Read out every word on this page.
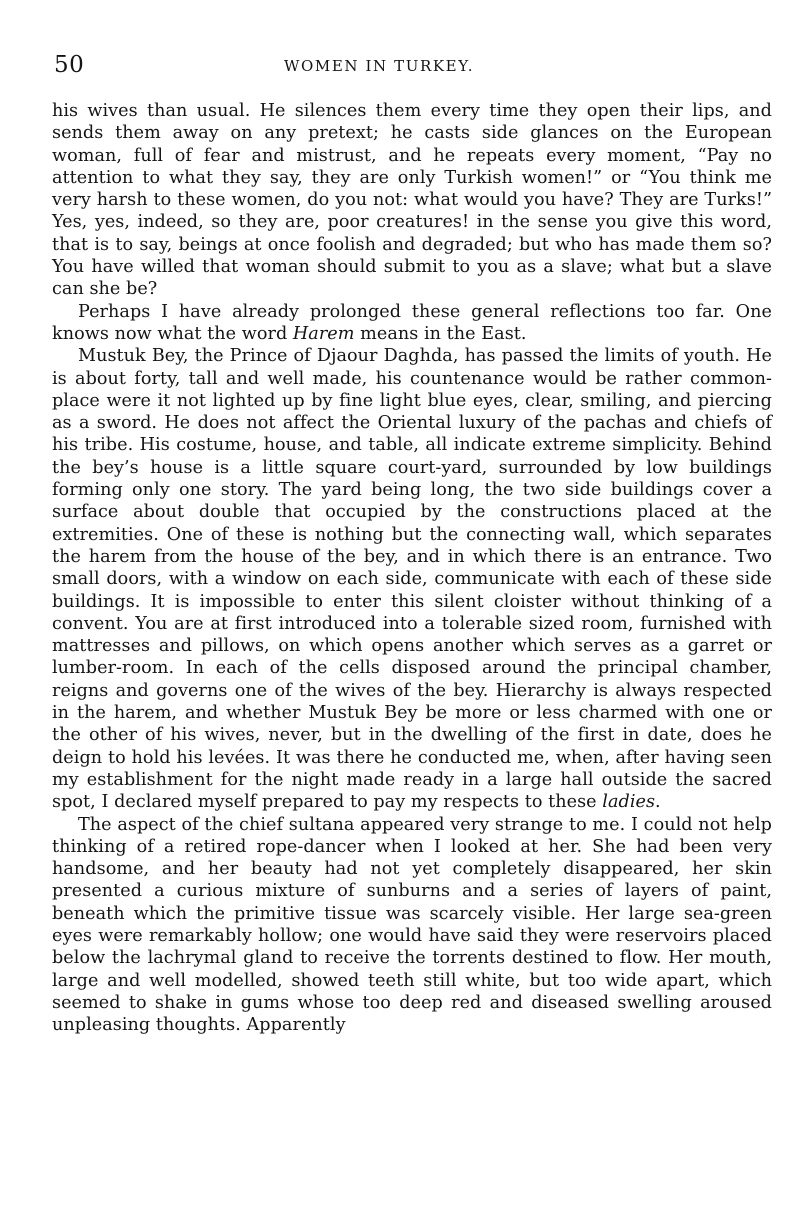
50	WOMEN IN TURKEY.

his wives than usual. He silences them every time they open their lips, and sends them away on any pretext; he casts side glances on the European woman, full of fear and mistrust, and he repeats every moment, “Pay no attention to what they say, they are only Turkish women!” or “You think me very harsh to these women, do you not: what would you have? They are Turks!” Yes, yes, indeed, so they are, poor creatures! in the sense you give this word, that is to say, beings at once foolish and degraded; but who has made them so? You have willed that woman should submit to you as a slave; what but a slave can she be?

Perhaps I have already prolonged these general reflections too far. One knows now what the word Harem means in the East.

Mustuk Bey, the Prince of Djaour Daghda, has passed the limits of youth. He is about forty, tall and well made, his countenance would be rather common-place were it not lighted up by fine light blue eyes, clear, smiling, and piercing as a sword. He does not affect the Oriental luxury of the pachas and chiefs of his tribe. His costume, house, and table, all indicate extreme simplicity. Behind the bey’s house is a little square court-yard, surrounded by low buildings forming only one story. The yard being long, the two side buildings cover a surface about double that occupied by the constructions placed at the extremities. One of these is nothing but the connecting wall, which separates the harem from the house of the bey, and in which there is an entrance. Two small doors, with a window on each side, communicate with each of these side buildings. It is impossible to enter this silent cloister without thinking of a convent. You are at first introduced into a tolerable sized room, furnished with mattresses and pillows, on which opens another which serves as a garret or lumber-room. In each of the cells disposed around the principal chamber, reigns and governs one of the wives of the bey. Hierarchy is always respected in the harem, and whether Mustuk Bey be more or less charmed with one or the other of his wives, never, but in the dwelling of the first in date, does he deign to hold his levées. It was there he conducted me, when, after having seen my establishment for the night made ready in a large hall outside the sacred spot, I declared myself prepared to pay my respects to these ladies.

The aspect of the chief sultana appeared very strange to me. I could not help thinking of a retired rope-dancer when I looked at her. She had been very handsome, and her beauty had not yet completely disappeared, her skin presented a curious mixture of sunburns and a series of layers of paint, beneath which the primitive tissue was scarcely visible. Her large sea-green eyes were remarkably hollow; one would have said they were reservoirs placed below the lachrymal gland to receive the torrents destined to flow. Her mouth, large and well modelled, showed teeth still white, but too wide apart, which seemed to shake in gums whose too deep red and diseased swelling aroused unpleasing thoughts. Apparently
